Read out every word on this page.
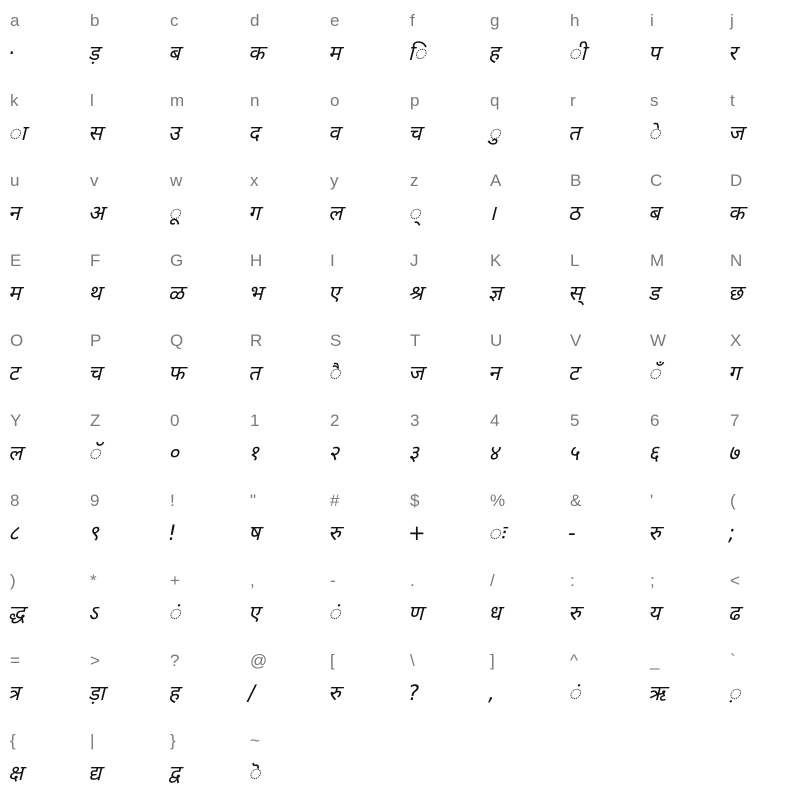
a
·
b
ड़
c
ब
d
क
e
म
f
ि
g
ह
h
ी
i
प
j
र
k
ा
l
स
m
उ
n
द
o
व
p
च
q
ु
r
त
s
े
t
ज
u
न
v
अ
w
ू
x
ग
y
ल
z
्
A
।
B
ठ
C
ब
D
क
E
म
F
थ
G
ळ
H
भ
I
ए
J
श्र
K
ज्ञ
L
स्
M
ड
N
छ
O
ट
P
च
Q
फ
R
त
S
ै
T
ज
U
न
V
ट
W
ँ
X
ग
Y
ल
Z
ॅ
0
०
1
१
2
२
3
३
4
४
5
५
6
६
7
७
8
८
9
९
!
!
"
ष
#
रु
$
+
%
ः
&
-
'
रु
(
;
)
द्ध
*
ऽ
+
ं
,
ए
-
ं
.
ण
/
ध
:
रु
;
य
<
ढ
=
त्र
>
ड़ा
?
ह
@
/
[
रु
\
?
]
,
^
ं
_
ऋ
`
़
{
क्ष
|
द्य
}
द्व
~
ॆ
